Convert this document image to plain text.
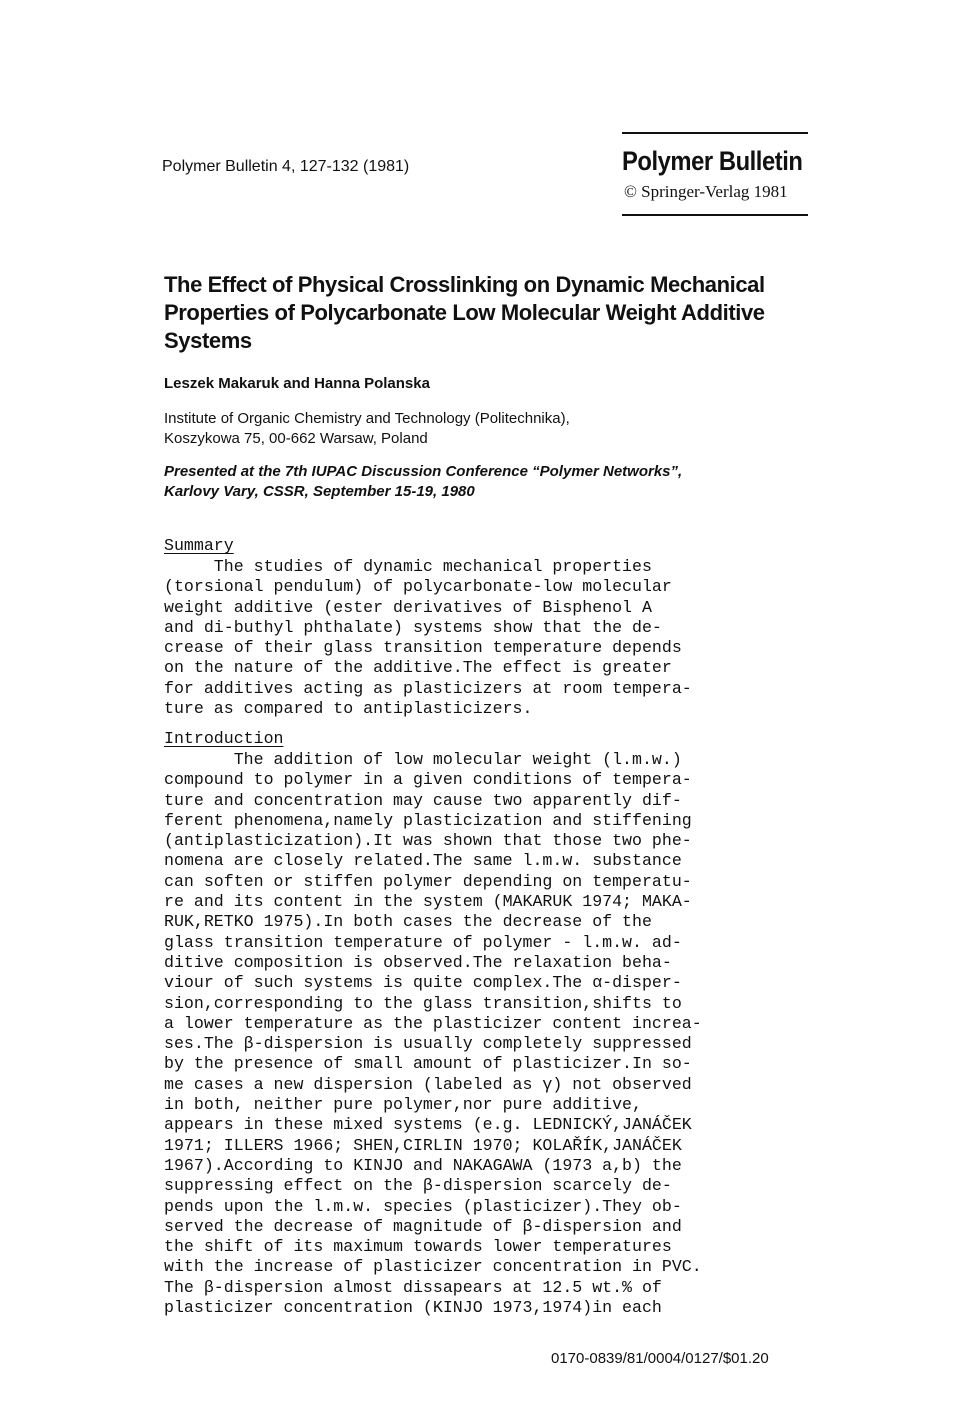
Polymer Bulletin 4, 127-132 (1981)	Polymer Bulletin
© Springer-Verlag 1981
The Effect of Physical Crosslinking on Dynamic Mechanical Properties of Polycarbonate Low Molecular Weight Additive Systems
Leszek Makaruk and Hanna Polanska
Institute of Organic Chemistry and Technology (Politechnika),
Koszykowa 75, 00-662 Warsaw, Poland
Presented at the 7th IUPAC Discussion Conference “Polymer Networks”,
Karlovy Vary, CSSR, September 15-19, 1980
Summary
The studies of dynamic mechanical properties
(torsional pendulum) of polycarbonate-low molecular
weight additive (ester derivatives of Bisphenol A
and di-buthyl phthalate) systems show that the de-
crease of their glass transition temperature depends
on the nature of the additive.The effect is greater
for additives acting as plasticizers at room tempera-
ture as compared to antiplasticizers.
Introduction
The addition of low molecular weight (l.m.w.)
compound to polymer in a given conditions of tempera-
ture and concentration may cause two apparently dif-
ferent phenomena,namely plasticization and stiffening
(antiplasticization).It was shown that those two phe-
nomena are closely related.The same l.m.w. substance
can soften or stiffen polymer depending on temperatu-
re and its content in the system (MAKARUK 1974; MAKA-
RUK,RETKO 1975).In both cases the decrease of the
glass transition temperature of polymer - l.m.w. ad-
ditive composition is observed.The relaxation beha-
viour of such systems is quite complex.The α-disper-
sion,corresponding to the glass transition,shifts to
a lower temperature as the plasticizer content increa-
ses.The β-dispersion is usually completely suppressed
by the presence of small amount of plasticizer.In so-
me cases a new dispersion (labeled as γ) not observed
in both, neither pure polymer,nor pure additive,
appears in these mixed systems (e.g. LEDNICKÝ,JANÁČEK
1971; ILLERS 1966; SHEN,CIRLIN 1970; KOLAŘÍK,JANÁČEK
1967).According to KINJO and NAKAGAWA (1973 a,b) the
suppressing effect on the β-dispersion scarcely de-
pends upon the l.m.w. species (plasticizer).They ob-
served the decrease of magnitude of β-dispersion and
the shift of its maximum towards lower temperatures
with the increase of plasticizer concentration in PVC.
The β-dispersion almost dissapears at 12.5 wt.% of
plasticizer concentration (KINJO 1973,1974)in each
0170-0839/81/0004/0127/$01.20
